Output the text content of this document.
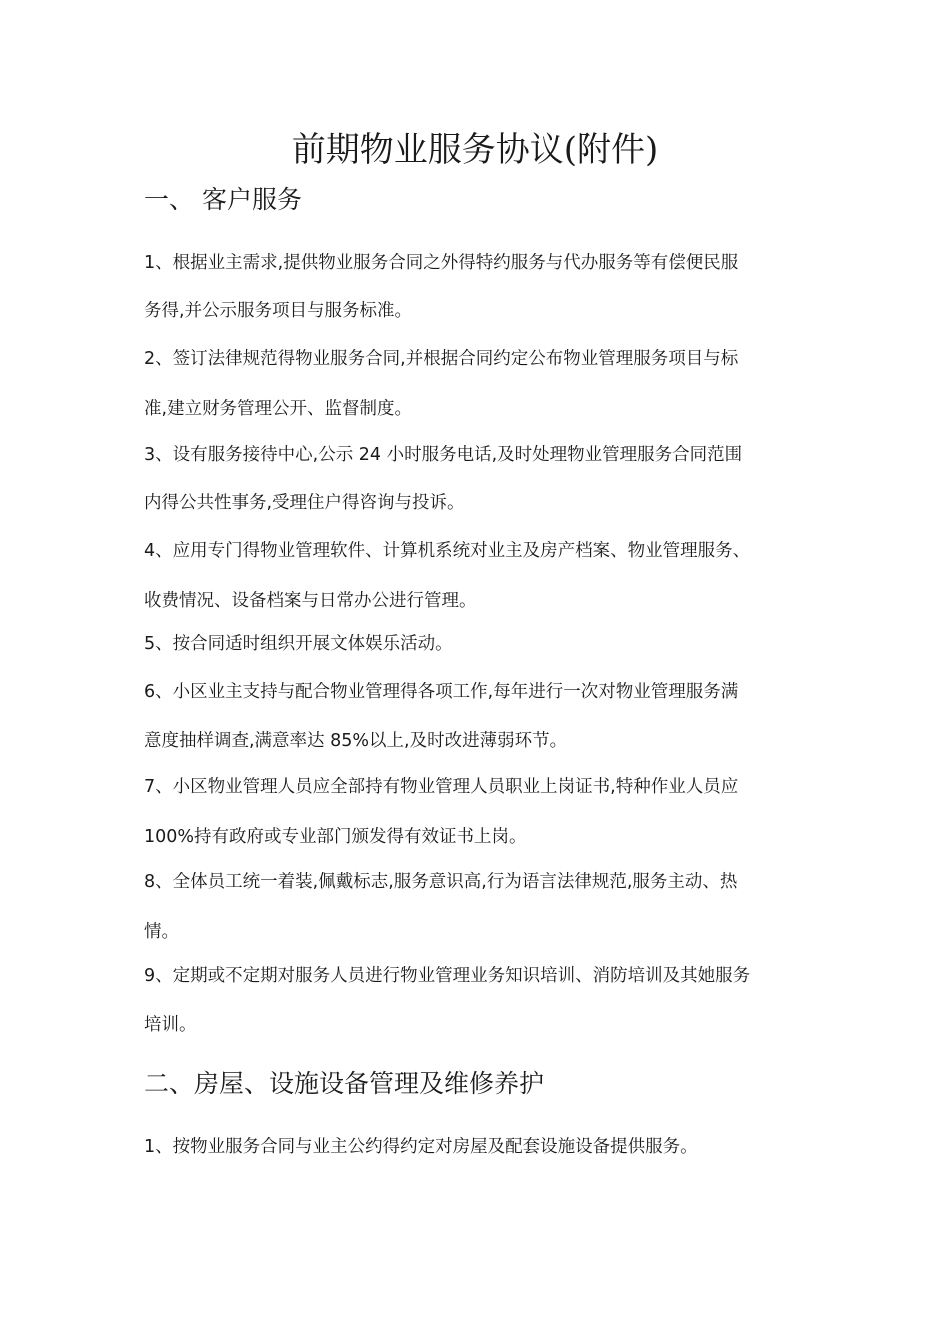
前期物业服务协议(附件)
一、 客户服务
1、根据业主需求,提供物业服务合同之外得特约服务与代办服务等有偿便民服
务得,并公示服务项目与服务标准。
2、签订法律规范得物业服务合同,并根据合同约定公布物业管理服务项目与标
准,建立财务管理公开、监督制度。
3、设有服务接待中心,公示 24 小时服务电话,及时处理物业管理服务合同范围
内得公共性事务,受理住户得咨询与投诉。
4、应用专门得物业管理软件、计算机系统对业主及房产档案、物业管理服务、
收费情况、设备档案与日常办公进行管理。
5、按合同适时组织开展文体娱乐活动。
6、小区业主支持与配合物业管理得各项工作,每年进行一次对物业管理服务满
意度抽样调查,满意率达 85%以上,及时改进薄弱环节。
7、小区物业管理人员应全部持有物业管理人员职业上岗证书,特种作业人员应
100%持有政府或专业部门颁发得有效证书上岗。
8、全体员工统一着装,佩戴标志,服务意识高,行为语言法律规范,服务主动、热
情。
9、定期或不定期对服务人员进行物业管理业务知识培训、消防培训及其她服务
培训。
二、房屋、设施设备管理及维修养护
1、按物业服务合同与业主公约得约定对房屋及配套设施设备提供服务。
